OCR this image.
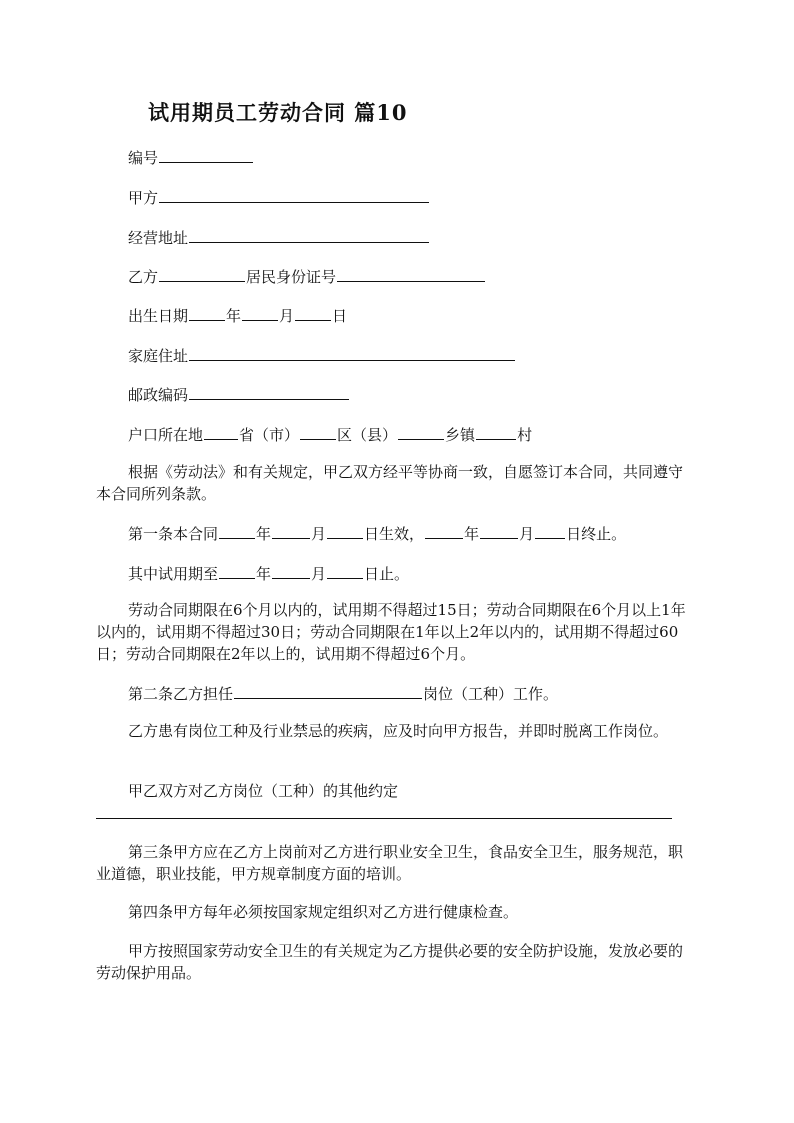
试用期员工劳动合同 篇10
编号
甲方
经营地址
乙方	居民身份证号
出生日期	年	月	日
家庭住址
邮政编码
户口所在地 省（市）	区（县）	乡镇	村
根据《劳动法》和有关规定，甲乙双方经平等协商一致，自愿签订本合同，共同遵守本合同所列条款。
第一条本合同	年	月	日生效，	年	月 日终止。
其中试用期至	年	月	日止。
劳动合同期限在6个月以内的，试用期不得超过15日；劳动合同期限在6个月以上1年以内的，试用期不得超过30日；劳动合同期限在1年以上2年以内的，试用期不得超过60日；劳动合同期限在2年以上的，试用期不得超过6个月。
第二条乙方担任	岗位（工种）工作。
乙方患有岗位工种及行业禁忌的疾病，应及时向甲方报告，并即时脱离工作岗位。
甲乙双方对乙方岗位（工种）的其他约定
第三条甲方应在乙方上岗前对乙方进行职业安全卫生，食品安全卫生，服务规范，职业道德，职业技能，甲方规章制度方面的培训。
第四条甲方每年必须按国家规定组织对乙方进行健康检查。
甲方按照国家劳动安全卫生的有关规定为乙方提供必要的安全防护设施，发放必要的劳动保护用品。
